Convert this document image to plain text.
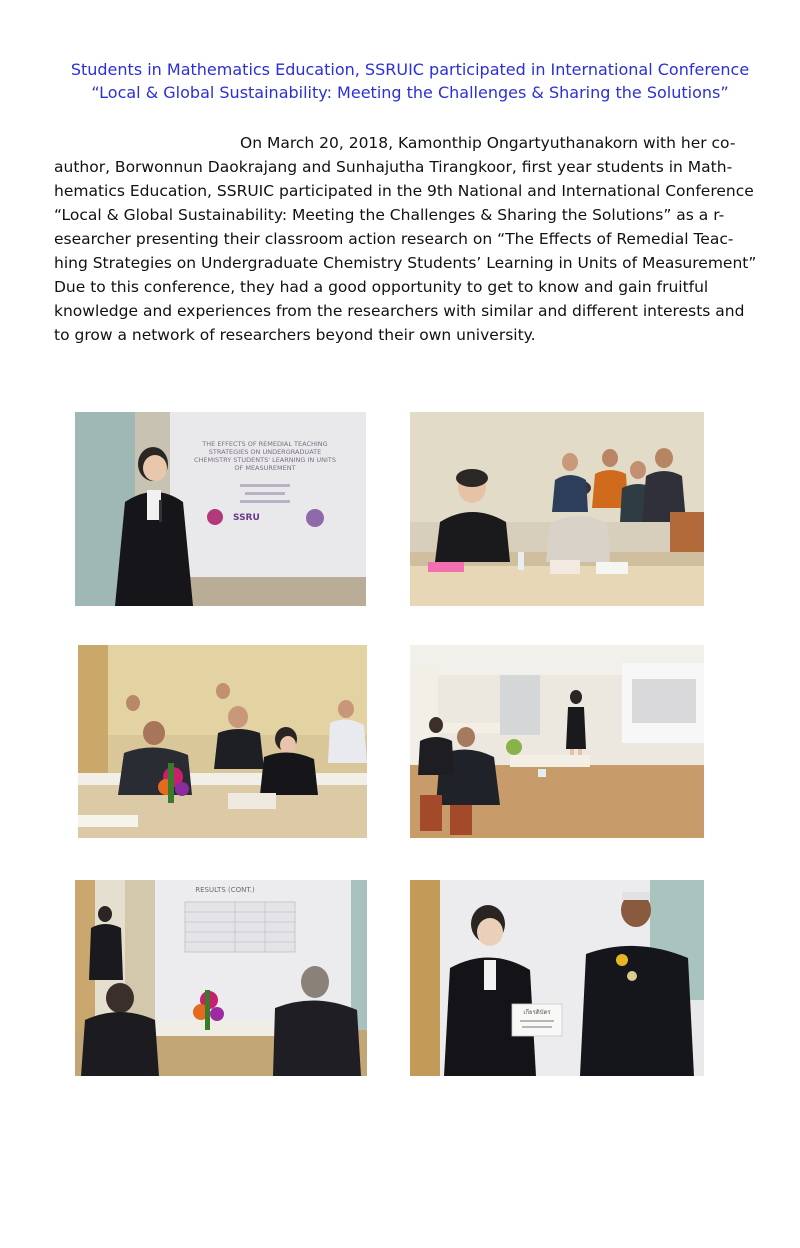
Students in Mathematics Education, SSRUIC participated in International Conference
“Local & Global Sustainability: Meeting the Challenges & Sharing the Solutions”
On March 20, 2018, Kamonthip Ongartyuthanakorn with her co-
author, Borwonnun Daokrajang and Sunhajutha Tirangkoor, first year students in Math-
hematics Education, SSRUIC participated in the 9th National and International Conference
“Local & Global Sustainability: Meeting the Challenges & Sharing the Solutions” as a r-
esearcher presenting their classroom action research on “The Effects of Remedial Teac-
hing Strategies on Undergraduate Chemistry Students’ Learning in Units of Measurement”
Due to this conference, they had a good opportunity to get to know and gain fruitful
knowledge and experiences from the researchers with similar and different interests and
to grow a network of researchers beyond their own university.
THE EFFECTS OF REMEDIAL TEACHING
STRATEGIES ON UNDERGRADUATE
CHEMISTRY STUDENTS' LEARNING IN UNITS
OF MEASUREMENT
SSRU
RESULTS (CONT.)
เกียรติบัตร
